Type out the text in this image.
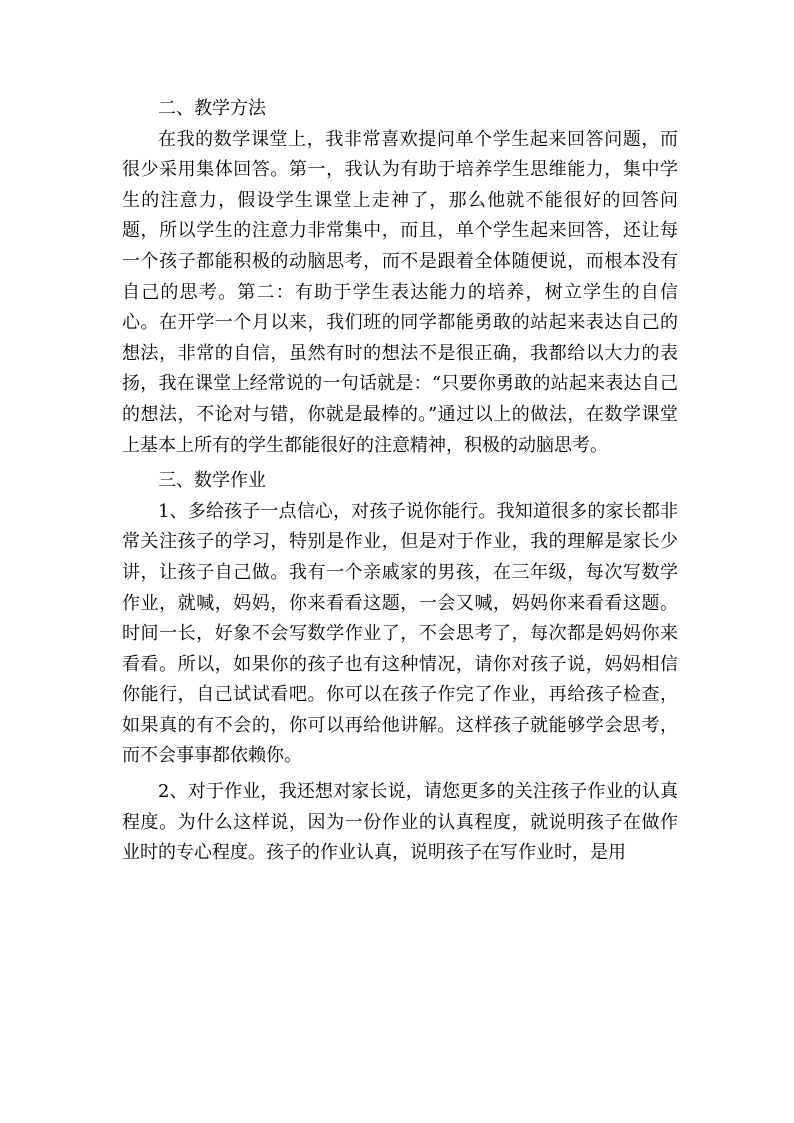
二、教学方法

在我的数学课堂上，我非常喜欢提问单个学生起来回答问题，而很少采用集体回答。第一，我认为有助于培养学生思维能力，集中学生的注意力，假设学生课堂上走神了，那么他就不能很好的回答问题，所以学生的注意力非常集中，而且，单个学生起来回答，还让每一个孩子都能积极的动脑思考，而不是跟着全体随便说，而根本没有自己的思考。第二：有助于学生表达能力的培养，树立学生的自信心。在开学一个月以来，我们班的同学都能勇敢的站起来表达自己的想法，非常的自信，虽然有时的想法不是很正确，我都给以大力的表扬，我在课堂上经常说的一句话就是：“只要你勇敢的站起来表达自己的想法，不论对与错，你就是最棒的。”通过以上的做法，在数学课堂上基本上所有的学生都能很好的注意精神，积极的动脑思考。

三、数学作业

1、多给孩子一点信心，对孩子说你能行。我知道很多的家长都非常关注孩子的学习，特别是作业，但是对于作业，我的理解是家长少讲，让孩子自己做。我有一个亲戚家的男孩，在三年级，每次写数学作业，就喊，妈妈，你来看看这题，一会又喊，妈妈你来看看这题。时间一长，好象不会写数学作业了，不会思考了，每次都是妈妈你来看看。所以，如果你的孩子也有这种情况，请你对孩子说，妈妈相信你能行，自己试试看吧。你可以在孩子作完了作业，再给孩子检查，如果真的有不会的，你可以再给他讲解。这样孩子就能够学会思考，而不会事事都依赖你。

2、对于作业，我还想对家长说，请您更多的关注孩子作业的认真程度。为什么这样说，因为一份作业的认真程度，就说明孩子在做作业时的专心程度。孩子的作业认真，说明孩子在写作业时，是用
